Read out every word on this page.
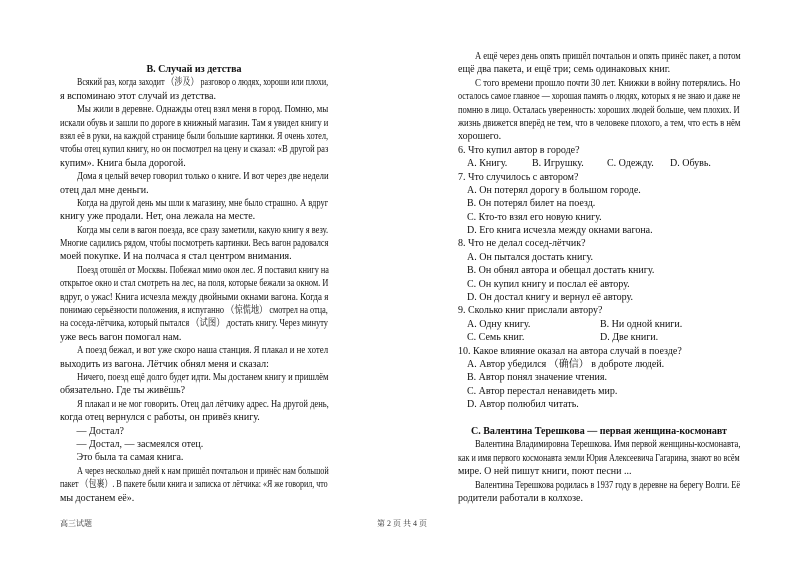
B. Случай из детства
Всякий раз, когда заходит （涉及） разговор о людях, хороши или плохи,
я вспоминаю этот случай из детства.
Мы жили в деревне. Однажды отец взял меня в город. Помню, мы
искали обувь и зашли по дороге в книжный магазин. Там я увидел книгу и
взял её в руки, на каждой странице были большие картинки. Я очень хотел,
чтобы отец купил книгу, но он посмотрел на цену и сказал: «В другой раз
купим». Книга была дорогой.
Дома я целый вечер говорил только о книге. И вот через две недели
отец дал мне деньги.
Когда на другой день мы шли к магазину, мне было страшно. А вдруг
книгу уже продали. Нет, она лежала на месте.
Когда мы сели в вагон поезда, все сразу заметили, какую книгу я везу.
Многие садились рядом, чтобы посмотреть картинки. Весь вагон радовался
моей покупке. И на полчаса я стал центром внимания.
Поезд отошёл от Москвы. Побежал мимо окон лес. Я поставил книгу на
открытое окно и стал смотреть на лес, на поля, которые бежали за окном. И
вдруг, о ужас! Книга исчезла между двойными окнами вагона. Когда я
понимаю серьёзности положения, я испуганно （惊慌地） смотрел на отца,
на соседа-лётчика, который пытался （试图） достать книгу. Через минуту
уже весь вагон помогал нам.
А поезд бежал, и вот уже скоро наша станция. Я плакал и не хотел
выходить из вагона. Лётчик обнял меня и сказал:
Ничего, поезд ещё долго будет идти. Мы достанем книгу и пришлём
обязательно. Где ты живёшь?
Я плакал и не мог говорить. Отец дал лётчику адрес. На другой день,
когда отец вернулся с работы, он привёз книгу.
— Достал?
— Достал, — засмеялся отец.
Это была та самая книга.
А через несколько дней к нам пришёл почтальон и принёс нам большой
пакет （包裹）. В пакете были книга и записка от лётчика: «Я же говорил, что
мы достанем её».
А ещё через день опять пришёл почтальон и опять принёс пакет, а потом
ещё два пакета, и ещё три; семь одинаковых книг.
С того времени прошло почти 30 лет. Книжки в войну потерялись. Но
осталось самое главное — хорошая память о людях, которых я не знаю и даже не
помню в лицо. Осталась уверенность: хороших людей больше, чем плохих. И
жизнь движется вперёд не тем, что в человеке плохого, а тем, что есть в нём
хорошего.
6. Что купил автор в городе?
A. Книгу. B. Игрушку. C. Одежду. D. Обувь.
7. Что случилось с автором?
A. Он потерял дорогу в большом городе.
B. Он потерял билет на поезд.
C. Кто-то взял его новую книгу.
D. Его книга исчезла между окнами вагона.
8. Что не делал сосед-лётчик?
A. Он пытался достать книгу.
B. Он обнял автора и обещал достать книгу.
C. Он купил книгу и послал её автору.
D. Он достал книгу и вернул её автору.
9. Сколько книг прислали автору?
A. Одну книгу.	B. Ни одной книги.
C. Семь книг.	D. Две книги.
10. Какое влияние оказал на автора случай в поезде?
A. Автор убедился （确信） в доброте людей.
B. Автор понял значение чтения.
C. Автор перестал ненавидеть мир.
D. Автор полюбил читать.
C. Валентина Терешкова — первая женщина-космонавт
Валентина Владимировна Терешкова. Имя первой женщины-космонавта,
как и имя первого космонавта земли Юрия Алексеевича Гагарина, знают во всём
мире. О ней пишут книги, поют песни ...
Валентина Терешкова родилась в 1937 году в деревне на берегу Волги. Её
родители работали в колхозе.
高三试题	第 2 页 共 4 页
